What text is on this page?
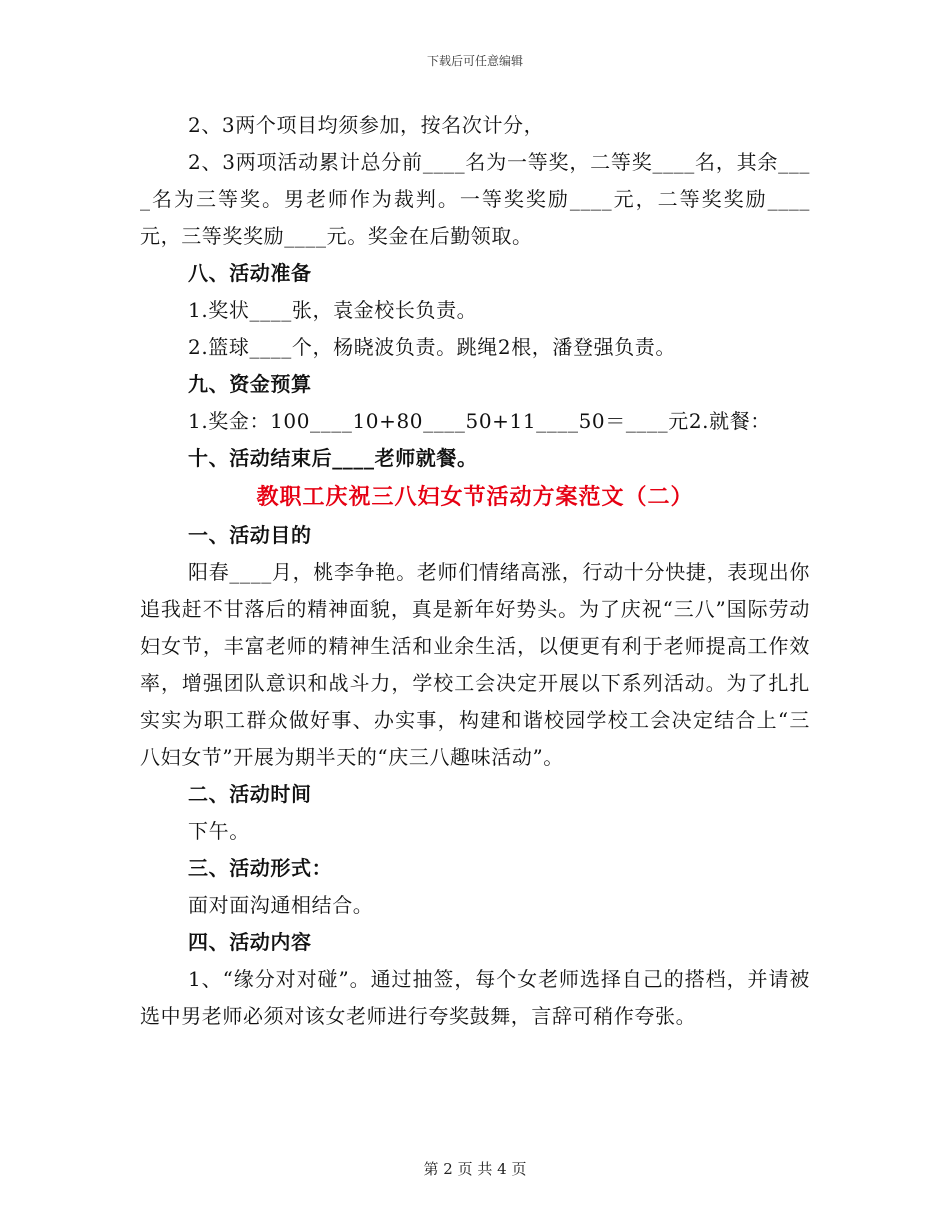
下载后可任意编辑

2、3两个项目均须参加，按名次计分，

2、3两项活动累计总分前____名为一等奖，二等奖____名，其余____名为三等奖。男老师作为裁判。一等奖奖励____元，二等奖奖励____元，三等奖奖励____元。奖金在后勤领取。

八、活动准备

1.奖状____张，袁金校长负责。

2.篮球____个，杨晓波负责。跳绳2根，潘登强负责。

九、资金预算

1.奖金：100____10+80____50+11____50＝____元2.就餐：

十、活动结束后____老师就餐。

教职工庆祝三八妇女节活动方案范文（二）

一、活动目的

阳春____月，桃李争艳。老师们情绪高涨，行动十分快捷，表现出你追我赶不甘落后的精神面貌，真是新年好势头。为了庆祝“三八”国际劳动妇女节，丰富老师的精神生活和业余生活，以便更有利于老师提高工作效率，增强团队意识和战斗力，学校工会决定开展以下系列活动。为了扎扎实实为职工群众做好事、办实事，构建和谐校园学校工会决定结合上“三八妇女节”开展为期半天的“庆三八趣味活动”。

二、活动时间

下午。

三、活动形式：

面对面沟通相结合。

四、活动内容

1、“缘分对对碰”。通过抽签，每个女老师选择自己的搭档，并请被选中男老师必须对该女老师进行夸奖鼓舞，言辞可稍作夸张。

第 2 页 共 4 页
